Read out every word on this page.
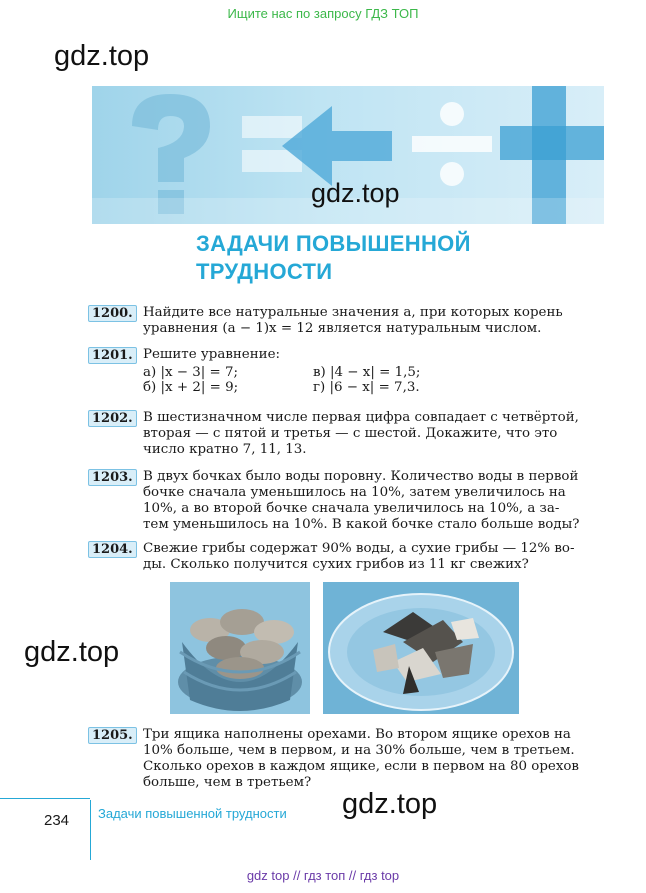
Ищите нас по запросу ГДЗ ТОП
gdz.top
gdz.top
ЗАДАЧИ ПОВЫШЕННОЙ
ТРУДНОСТИ
1200. Найдите все натуральные значения a, при которых корень
уравнения (a − 1)x = 12 является натуральным числом.
1201. Решите уравнение:
а) |x − 3| = 7;	в) |4 − x| = 1,5;
б) |x + 2| = 9;	г) |6 − x| = 7,3.
1202. В шестизначном числе первая цифра совпадает с четвёртой,
вторая — с пятой и третья — с шестой. Докажите, что это
число кратно 7, 11, 13.
1203. В двух бочках было воды поровну. Количество воды в первой
бочке сначала уменьшилось на 10%, затем увеличилось на
10%, а во второй бочке сначала увеличилось на 10%, а за-
тем уменьшилось на 10%. В какой бочке стало больше воды?
1204. Свежие грибы содержат 90% воды, а сухие грибы — 12% во-
ды. Сколько получится сухих грибов из 11 кг свежих?
gdz.top
1205. Три ящика наполнены орехами. Во втором ящике орехов на
10% больше, чем в первом, и на 30% больше, чем в третьем.
Сколько орехов в каждом ящике, если в первом на 80 орехов
больше, чем в третьем?
234 Задачи повышенной трудности gdz.top
gdz top // гдз топ // гдз top
